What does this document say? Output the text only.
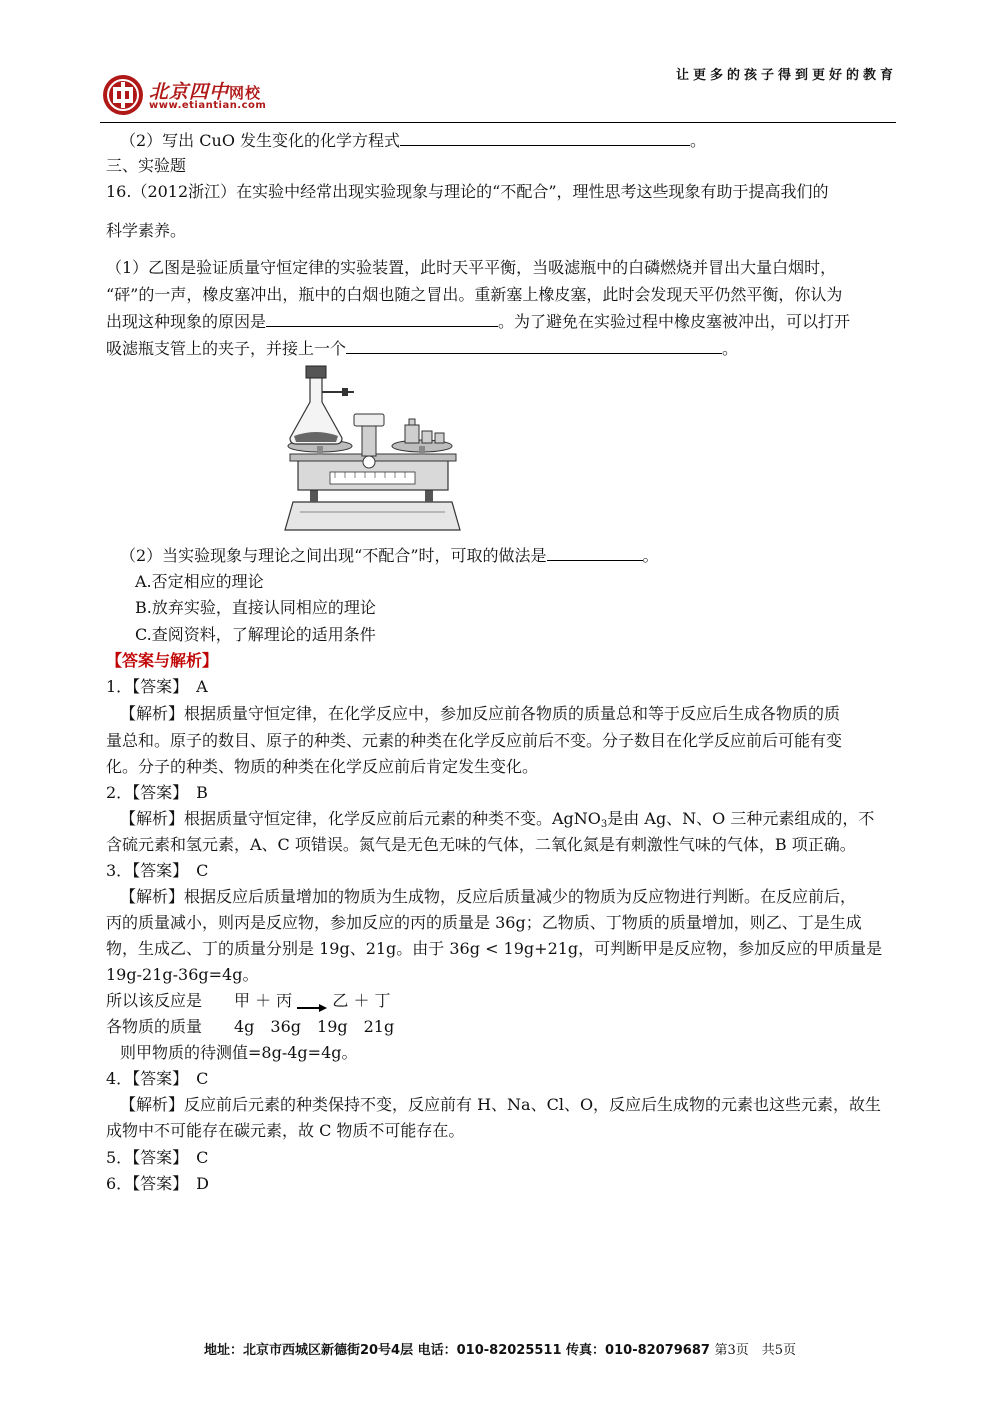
北京四中网校
www.etiantian.com
让更多的孩子得到更好的教育
（2）写出 CuO 发生变化的化学方程式	。
三、实验题
16.（2012浙江）在实验中经常出现实验现象与理论的“不配合”，理性思考这些现象有助于提高我们的
科学素养。
（1）乙图是验证质量守恒定律的实验装置，此时天平平衡，当吸滤瓶中的白磷燃烧并冒出大量白烟时，
“砰”的一声，橡皮塞冲出，瓶中的白烟也随之冒出。重新塞上橡皮塞，此时会发现天平仍然平衡，你认为
出现这种现象的原因是	。为了避免在实验过程中橡皮塞被冲出，可以打开
吸滤瓶支管上的夹子，并接上一个	。
（2）当实验现象与理论之间出现“不配合”时，可取的做法是	。
A.否定相应的理论
B.放弃实验，直接认同相应的理论
C.查阅资料，了解理论的适用条件
【答案与解析】
1．【答案】　A
【解析】根据质量守恒定律，在化学反应中，参加反应前各物质的质量总和等于反应后生成各物质的质
量总和。原子的数目、原子的种类、元素的种类在化学反应前后不变。分子数目在化学反应前后可能有变
化。分子的种类、物质的种类在化学反应前后肯定发生变化。
2．【答案】　B
【解析】根据质量守恒定律，化学反应前后元素的种类不变。AgNO$_3$是由 Ag、N、O 三种元素组成的，不
含硫元素和氢元素，A、C 项错误。氮气是无色无味的气体，二氧化氮是有刺激性气味的气体，B 项正确。
3．【答案】　C
【解析】根据反应后质量增加的物质为生成物，反应后质量减少的物质为反应物进行判断。在反应前后，
丙的质量减小，则丙是反应物，参加反应的丙的质量是 36g；乙物质、丁物质的质量增加，则乙、丁是生成
物，生成乙、丁的质量分别是 19g、21g。由于 36g < 19g+21g，可判断甲是反应物，参加反应的甲质量是
19g-21g-36g=4g。
所以该反应是　　甲 ＋ 丙 → 乙 ＋ 丁
各物质的质量　　4g　36g　19g　21g
则甲物质的待测值=8g-4g=4g。
4．【答案】　C
【解析】反应前后元素的种类保持不变，反应前有 H、Na、Cl、O，反应后生成物的元素也这些元素，故生
成物中不可能存在碳元素，故 C 物质不可能存在。
5．【答案】　C
6．【答案】　D
地址：北京市西城区新德街20号4层 电话：010-82025511 传真：010-82079687 第3页　共5页
